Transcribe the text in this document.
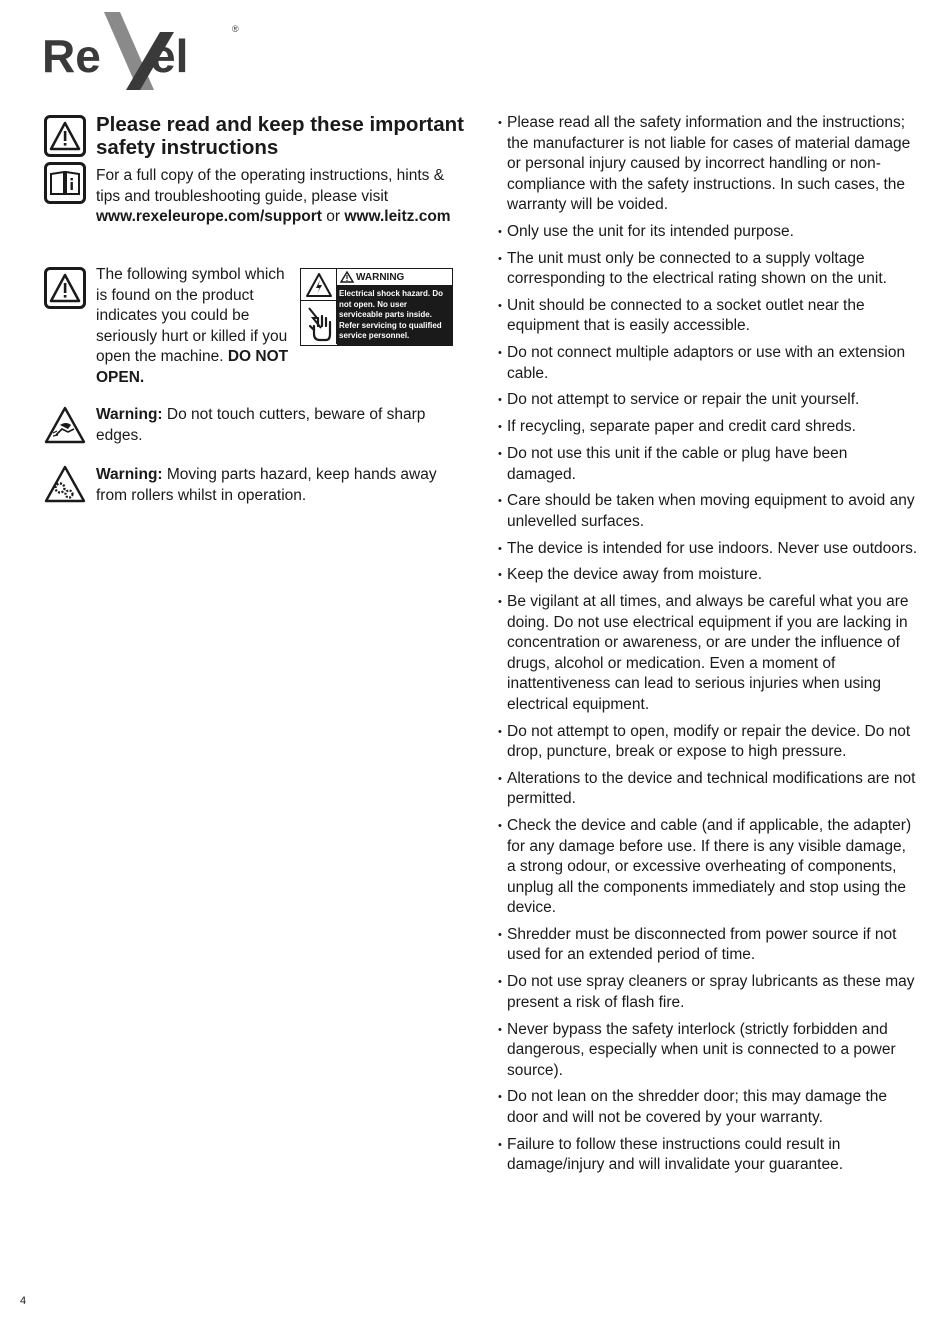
Re el
®
Please read and keep these important safety instructions
For a full copy of the operating instructions, hints & tips and troubleshooting guide, please visit www.rexeleurope.com/support or www.leitz.com
The following symbol which is found on the product indicates you could be seriously hurt or killed if you open the machine. DO NOT OPEN.
WARNING
Electrical shock hazard. Do not open. No user serviceable parts inside. Refer servicing to qualified service personnel.
Warning: Do not touch cutters, beware of sharp edges.
Warning: Moving parts hazard, keep hands away from rollers whilst in operation.
• Please read all the safety information and the instructions; the manufacturer is not liable for cases of material damage or personal injury caused by incorrect handling or non-compliance with the safety instructions. In such cases, the warranty will be voided.
• Only use the unit for its intended purpose.
• The unit must only be connected to a supply voltage corresponding to the electrical rating shown on the unit.
• Unit should be connected to a socket outlet near the equipment that is easily accessible.
• Do not connect multiple adaptors or use with an extension cable.
• Do not attempt to service or repair the unit yourself.
• If recycling, separate paper and credit card shreds.
• Do not use this unit if the cable or plug have been damaged.
• Care should be taken when moving equipment to avoid any unlevelled surfaces.
• The device is intended for use indoors. Never use outdoors.
• Keep the device away from moisture.
• Be vigilant at all times, and always be careful what you are doing. Do not use electrical equipment if you are lacking in concentration or awareness, or are under the influence of drugs, alcohol or medication. Even a moment of inattentiveness can lead to serious injuries when using electrical equipment.
• Do not attempt to open, modify or repair the device. Do not drop, puncture, break or expose to high pressure.
• Alterations to the device and technical modifications are not permitted.
• Check the device and cable (and if applicable, the adapter) for any damage before use. If there is any visible damage, a strong odour, or excessive overheating of components, unplug all the components immediately and stop using the device.
• Shredder must be disconnected from power source if not used for an extended period of time.
• Do not use spray cleaners or spray lubricants as these may present a risk of flash fire.
• Never bypass the safety interlock (strictly forbidden and dangerous, especially when unit is connected to a power source).
• Do not lean on the shredder door; this may damage the door and will not be covered by your warranty.
• Failure to follow these instructions could result in damage/injury and will invalidate your guarantee.
4
